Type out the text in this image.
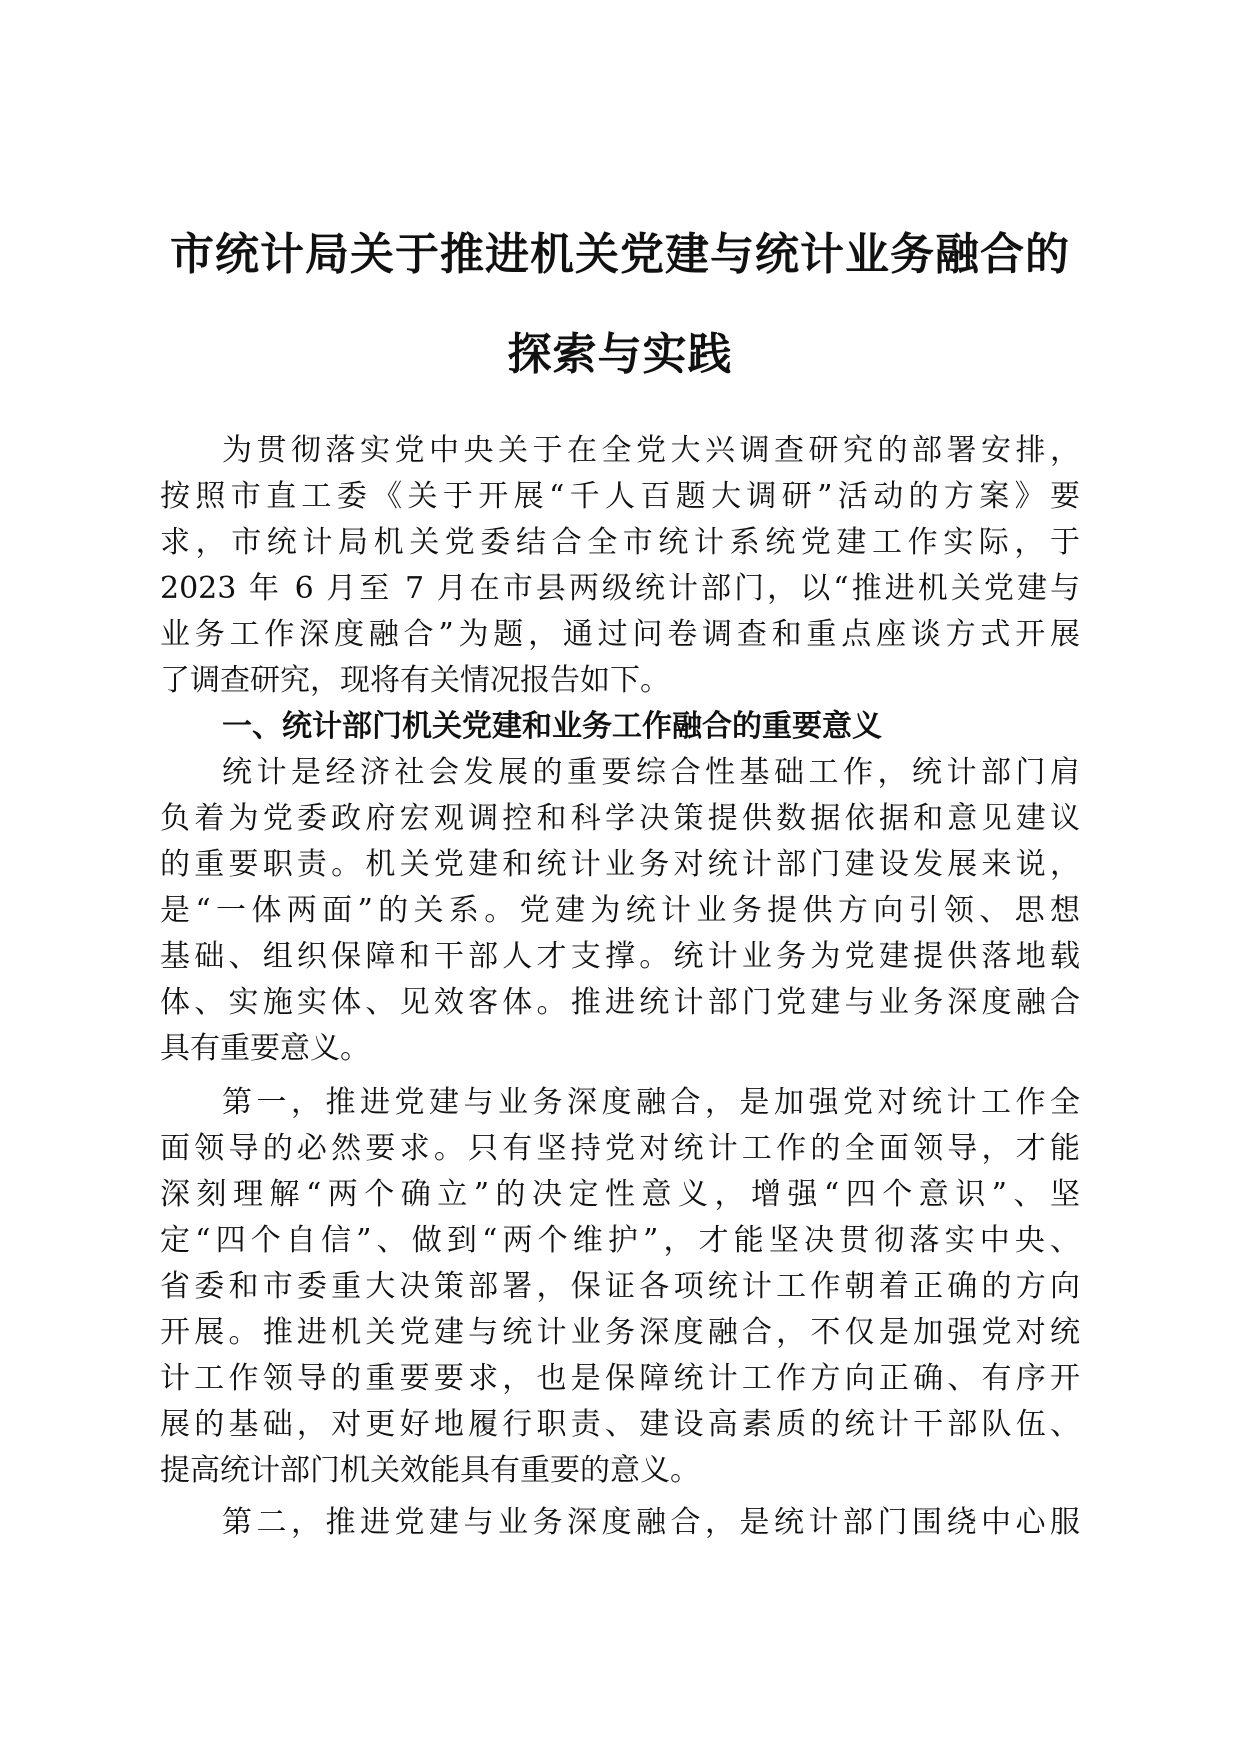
市统计局关于推进机关党建与统计业务融合的
探索与实践
为贯彻落实党中央关于在全党大兴调查研究的部署安排，
按照市直工委《关于开展“千人百题大调研”活动的方案》要
求，市统计局机关党委结合全市统计系统党建工作实际，于
2023 年 6 月至 7 月在市县两级统计部门，以“推进机关党建与
业务工作深度融合”为题，通过问卷调查和重点座谈方式开展
了调查研究，现将有关情况报告如下。
一、统计部门机关党建和业务工作融合的重要意义
统计是经济社会发展的重要综合性基础工作，统计部门肩
负着为党委政府宏观调控和科学决策提供数据依据和意见建议
的重要职责。机关党建和统计业务对统计部门建设发展来说，
是“一体两面”的关系。党建为统计业务提供方向引领、思想
基础、组织保障和干部人才支撑。统计业务为党建提供落地载
体、实施实体、见效客体。推进统计部门党建与业务深度融合
具有重要意义。
第一，推进党建与业务深度融合，是加强党对统计工作全
面领导的必然要求。只有坚持党对统计工作的全面领导，才能
深刻理解“两个确立”的决定性意义，增强“四个意识”、坚
定“四个自信”、做到“两个维护”，才能坚决贯彻落实中央、
省委和市委重大决策部署，保证各项统计工作朝着正确的方向
开展。推进机关党建与统计业务深度融合，不仅是加强党对统
计工作领导的重要要求，也是保障统计工作方向正确、有序开
展的基础，对更好地履行职责、建设高素质的统计干部队伍、
提高统计部门机关效能具有重要的意义。
第二，推进党建与业务深度融合，是统计部门围绕中心服
